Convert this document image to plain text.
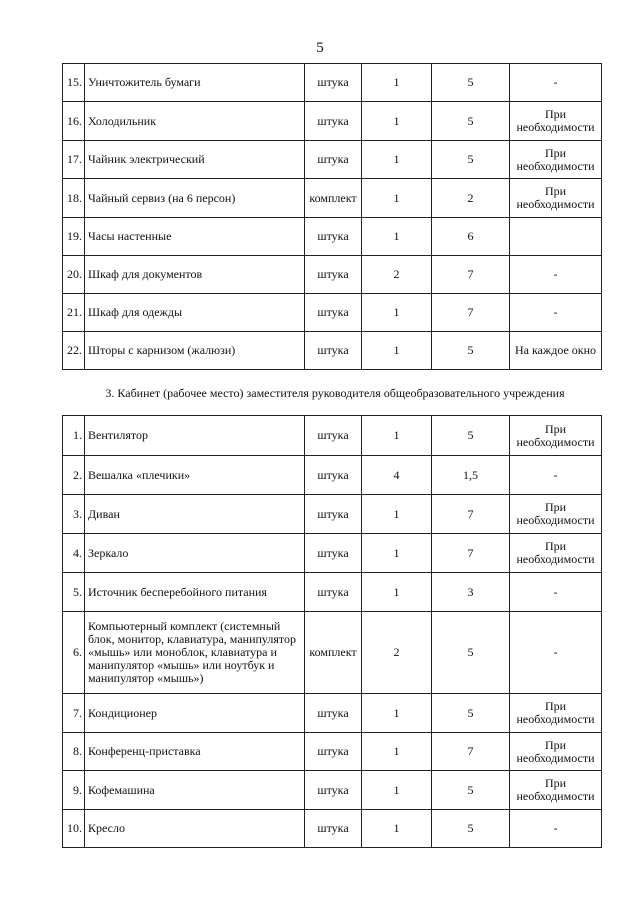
5
15.	Уничтожитель бумаги	штука	1	5	-
16.	Холодильник	штука	1	5	При необходимости
17.	Чайник электрический	штука	1	5	При необходимости
18.	Чайный сервиз (на 6 персон)	комплект	1	2	При необходимости
19.	Часы настенные	штука	1	6	
20.	Шкаф для документов	штука	2	7	-
21.	Шкаф для одежды	штука	1	7	-
22.	Шторы с карнизом (жалюзи)	штука	1	5	На каждое окно
3. Кабинет (рабочее место) заместителя руководителя общеобразовательного учреждения
1.	Вентилятор	штука	1	5	При необходимости
2.	Вешалка «плечики»	штука	4	1,5	-
3.	Диван	штука	1	7	При необходимости
4.	Зеркало	штука	1	7	При необходимости
5.	Источник бесперебойного питания	штука	1	3	-
6.	Компьютерный комплект (системный блок, монитор, клавиатура, манипулятор «мышь» или моноблок, клавиатура и манипулятор «мышь» или ноутбук и манипулятор «мышь»)	комплект	2	5	-
7.	Кондиционер	штука	1	5	При необходимости
8.	Конференц-приставка	штука	1	7	При необходимости
9.	Кофемашина	штука	1	5	При необходимости
10.	Кресло	штука	1	5	-
